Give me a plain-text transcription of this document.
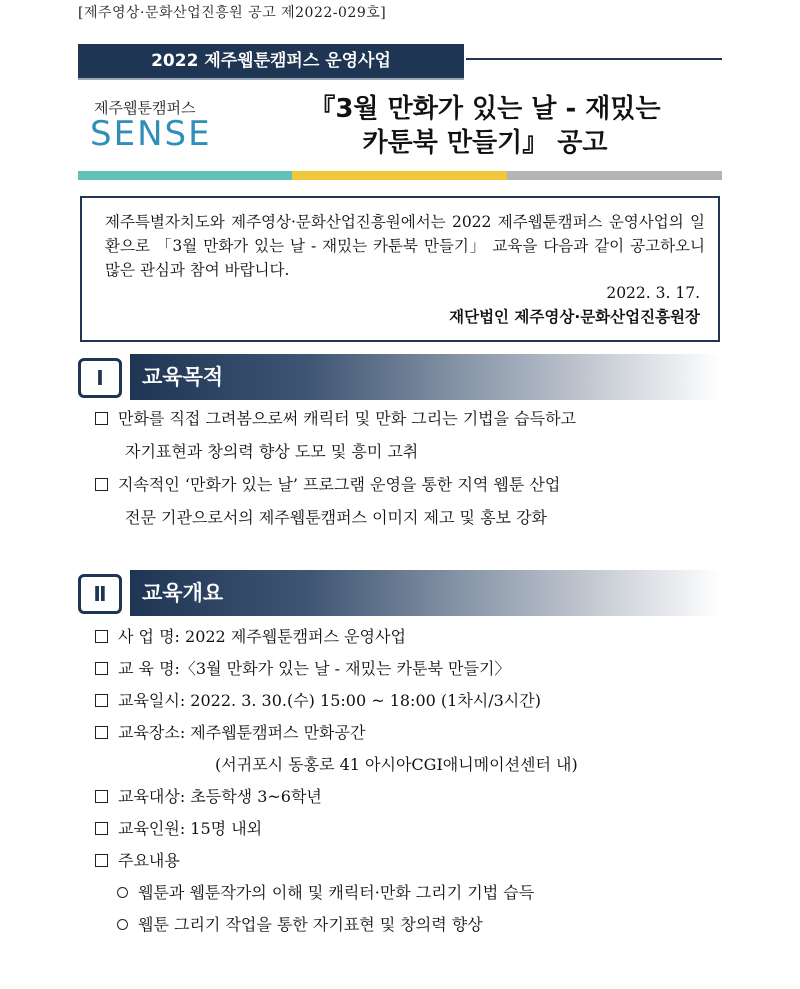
[제주영상·문화산업진흥원 공고 제2022-029호]
2022 제주웹툰캠퍼스 운영사업
제주웹툰캠퍼스
SENSE
『3월 만화가 있는 날 - 재밌는
카툰북 만들기』 공고
제주특별자치도와 제주영상·문화산업진흥원에서는 2022 제주웹툰캠퍼스 운영사업의 일환으로 「3월 만화가 있는 날 - 재밌는 카툰북 만들기」 교육을 다음과 같이 공고하오니 많은 관심과 참여 바랍니다.
2022. 3. 17.
재단법인 제주영상·문화산업진흥원장
Ⅰ	교육목적
만화를 직접 그려봄으로써 캐릭터 및 만화 그리는 기법을 습득하고
자기표현과 창의력 향상 도모 및 흥미 고취
지속적인 ‘만화가 있는 날’ 프로그램 운영을 통한 지역 웹툰 산업
전문 기관으로서의 제주웹툰캠퍼스 이미지 제고 및 홍보 강화
Ⅱ	교육개요
사 업 명: 2022 제주웹툰캠퍼스 운영사업
교 육 명:〈3월 만화가 있는 날 - 재밌는 카툰북 만들기〉
교육일시: 2022. 3. 30.(수) 15:00 ~ 18:00 (1차시/3시간)
교육장소: 제주웹툰캠퍼스 만화공간
(서귀포시 동홍로 41 아시아CGI애니메이션센터 내)
교육대상: 초등학생 3~6학년
교육인원: 15명 내외
주요내용
웹툰과 웹툰작가의 이해 및 캐릭터·만화 그리기 기법 습득
웹툰 그리기 작업을 통한 자기표현 및 창의력 향상
